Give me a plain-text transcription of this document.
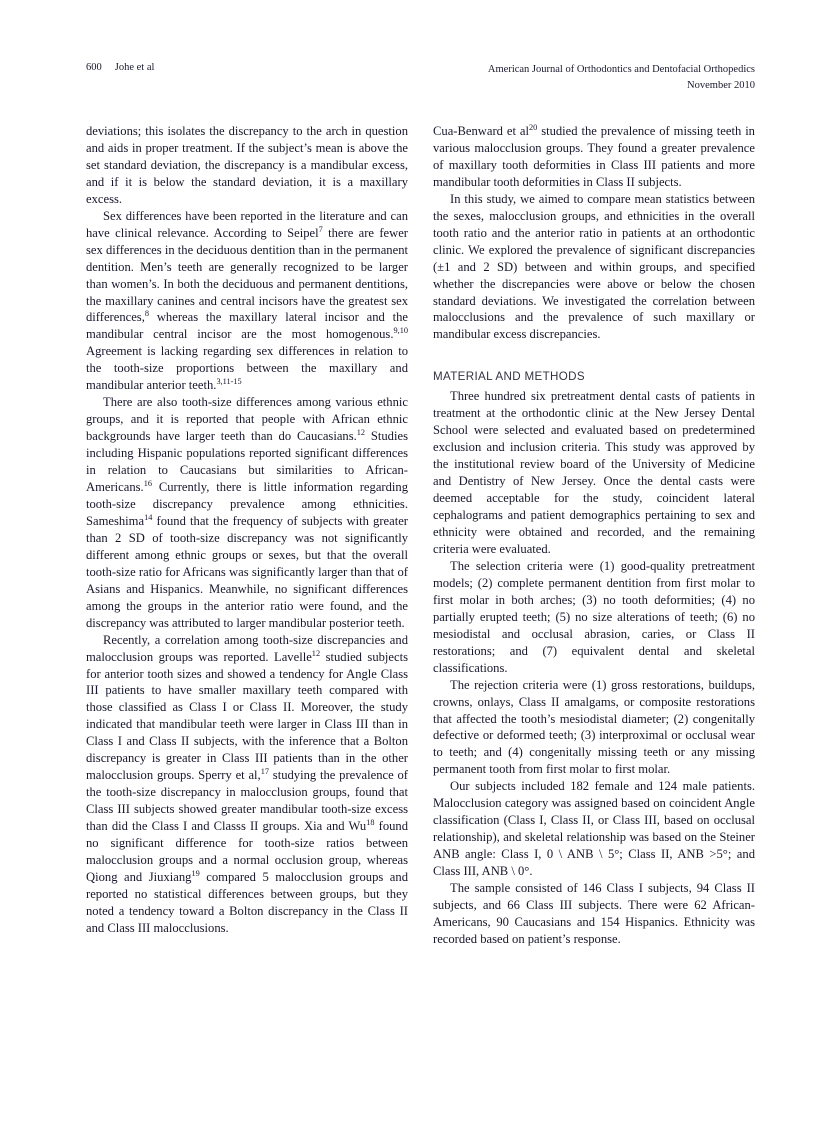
600 Johe et al	American Journal of Orthodontics and Dentofacial Orthopedics
November 2010

deviations; this isolates the discrepancy to the arch in question and aids in proper treatment. If the subject’s mean is above the set standard deviation, the discrepancy is a mandibular excess, and if it is below the standard deviation, it is a maxillary excess.

Sex differences have been reported in the literature and can have clinical relevance. According to Seipel$^7$ there are fewer sex differences in the deciduous dentition than in the permanent dentition. Men’s teeth are generally recognized to be larger than women’s. In both the deciduous and permanent dentitions, the maxillary canines and central incisors have the greatest sex differences,$^8$ whereas the maxillary lateral incisor and the mandibular central incisor are the most homogenous.$^{9,10}$ Agreement is lacking regarding sex differences in relation to the tooth-size proportions between the maxillary and mandibular anterior teeth.$^{3,11-15}$

There are also tooth-size differences among various ethnic groups, and it is reported that people with African ethnic backgrounds have larger teeth than do Caucasians.$^{12}$ Studies including Hispanic populations reported significant differences in relation to Caucasians but similarities to African-Americans.$^{16}$ Currently, there is little information regarding tooth-size discrepancy prevalence among ethnicities. Sameshima$^{14}$ found that the frequency of subjects with greater than 2 SD of tooth-size discrepancy was not significantly different among ethnic groups or sexes, but that the overall tooth-size ratio for Africans was significantly larger than that of Asians and Hispanics. Meanwhile, no significant differences among the groups in the anterior ratio were found, and the discrepancy was attributed to larger mandibular posterior teeth.

Recently, a correlation among tooth-size discrepancies and malocclusion groups was reported. Lavelle$^{12}$ studied subjects for anterior tooth sizes and showed a tendency for Angle Class III patients to have smaller maxillary teeth compared with those classified as Class I or Class II. Moreover, the study indicated that mandibular teeth were larger in Class III than in Class I and Class II subjects, with the inference that a Bolton discrepancy is greater in Class III patients than in the other malocclusion groups. Sperry et al,$^{17}$ studying the prevalence of the tooth-size discrepancy in malocclusion groups, found that Class III subjects showed greater mandibular tooth-size excess than did the Class I and Classs II groups. Xia and Wu$^{18}$ found no significant difference for tooth-size ratios between malocclusion groups and a normal occlusion group, whereas Qiong and Jiuxiang$^{19}$ compared 5 malocclusion groups and reported no statistical differences between groups, but they noted a tendency toward a Bolton discrepancy in the Class II and Class III malocclusions.

Cua-Benward et al$^{20}$ studied the prevalence of missing teeth in various malocclusion groups. They found a greater prevalence of maxillary tooth deformities in Class III patients and more mandibular tooth deformities in Class II subjects.

In this study, we aimed to compare mean statistics between the sexes, malocclusion groups, and ethnicities in the overall tooth ratio and the anterior ratio in patients at an orthodontic clinic. We explored the prevalence of significant discrepancies (±1 and 2 SD) between and within groups, and specified whether the discrepancies were above or below the chosen standard deviations. We investigated the correlation between malocclusions and the prevalence of such maxillary or mandibular excess discrepancies.

MATERIAL AND METHODS

Three hundred six pretreatment dental casts of patients in treatment at the orthodontic clinic at the New Jersey Dental School were selected and evaluated based on predetermined exclusion and inclusion criteria. This study was approved by the institutional review board of the University of Medicine and Dentistry of New Jersey. Once the dental casts were deemed acceptable for the study, coincident lateral cephalograms and patient demographics pertaining to sex and ethnicity were obtained and recorded, and the remaining criteria were evaluated.

The selection criteria were (1) good-quality pretreatment models; (2) complete permanent dentition from first molar to first molar in both arches; (3) no tooth deformities; (4) no partially erupted teeth; (5) no size alterations of teeth; (6) no mesiodistal and occlusal abrasion, caries, or Class II restorations; and (7) equivalent dental and skeletal classifications.

The rejection criteria were (1) gross restorations, buildups, crowns, onlays, Class II amalgams, or composite restorations that affected the tooth’s mesiodistal diameter; (2) congenitally defective or deformed teeth; (3) interproximal or occlusal wear to teeth; and (4) congenitally missing teeth or any missing permanent tooth from first molar to first molar.

Our subjects included 182 female and 124 male patients. Malocclusion category was assigned based on coincident Angle classification (Class I, Class II, or Class III, based on occlusal relationship), and skeletal relationship was based on the Steiner ANB angle: Class I, 0 \ ANB \ 5°; Class II, ANB >5°; and Class III, ANB \ 0°.

The sample consisted of 146 Class I subjects, 94 Class II subjects, and 66 Class III subjects. There were 62 African-Americans, 90 Caucasians and 154 Hispanics. Ethnicity was recorded based on patient’s response.
